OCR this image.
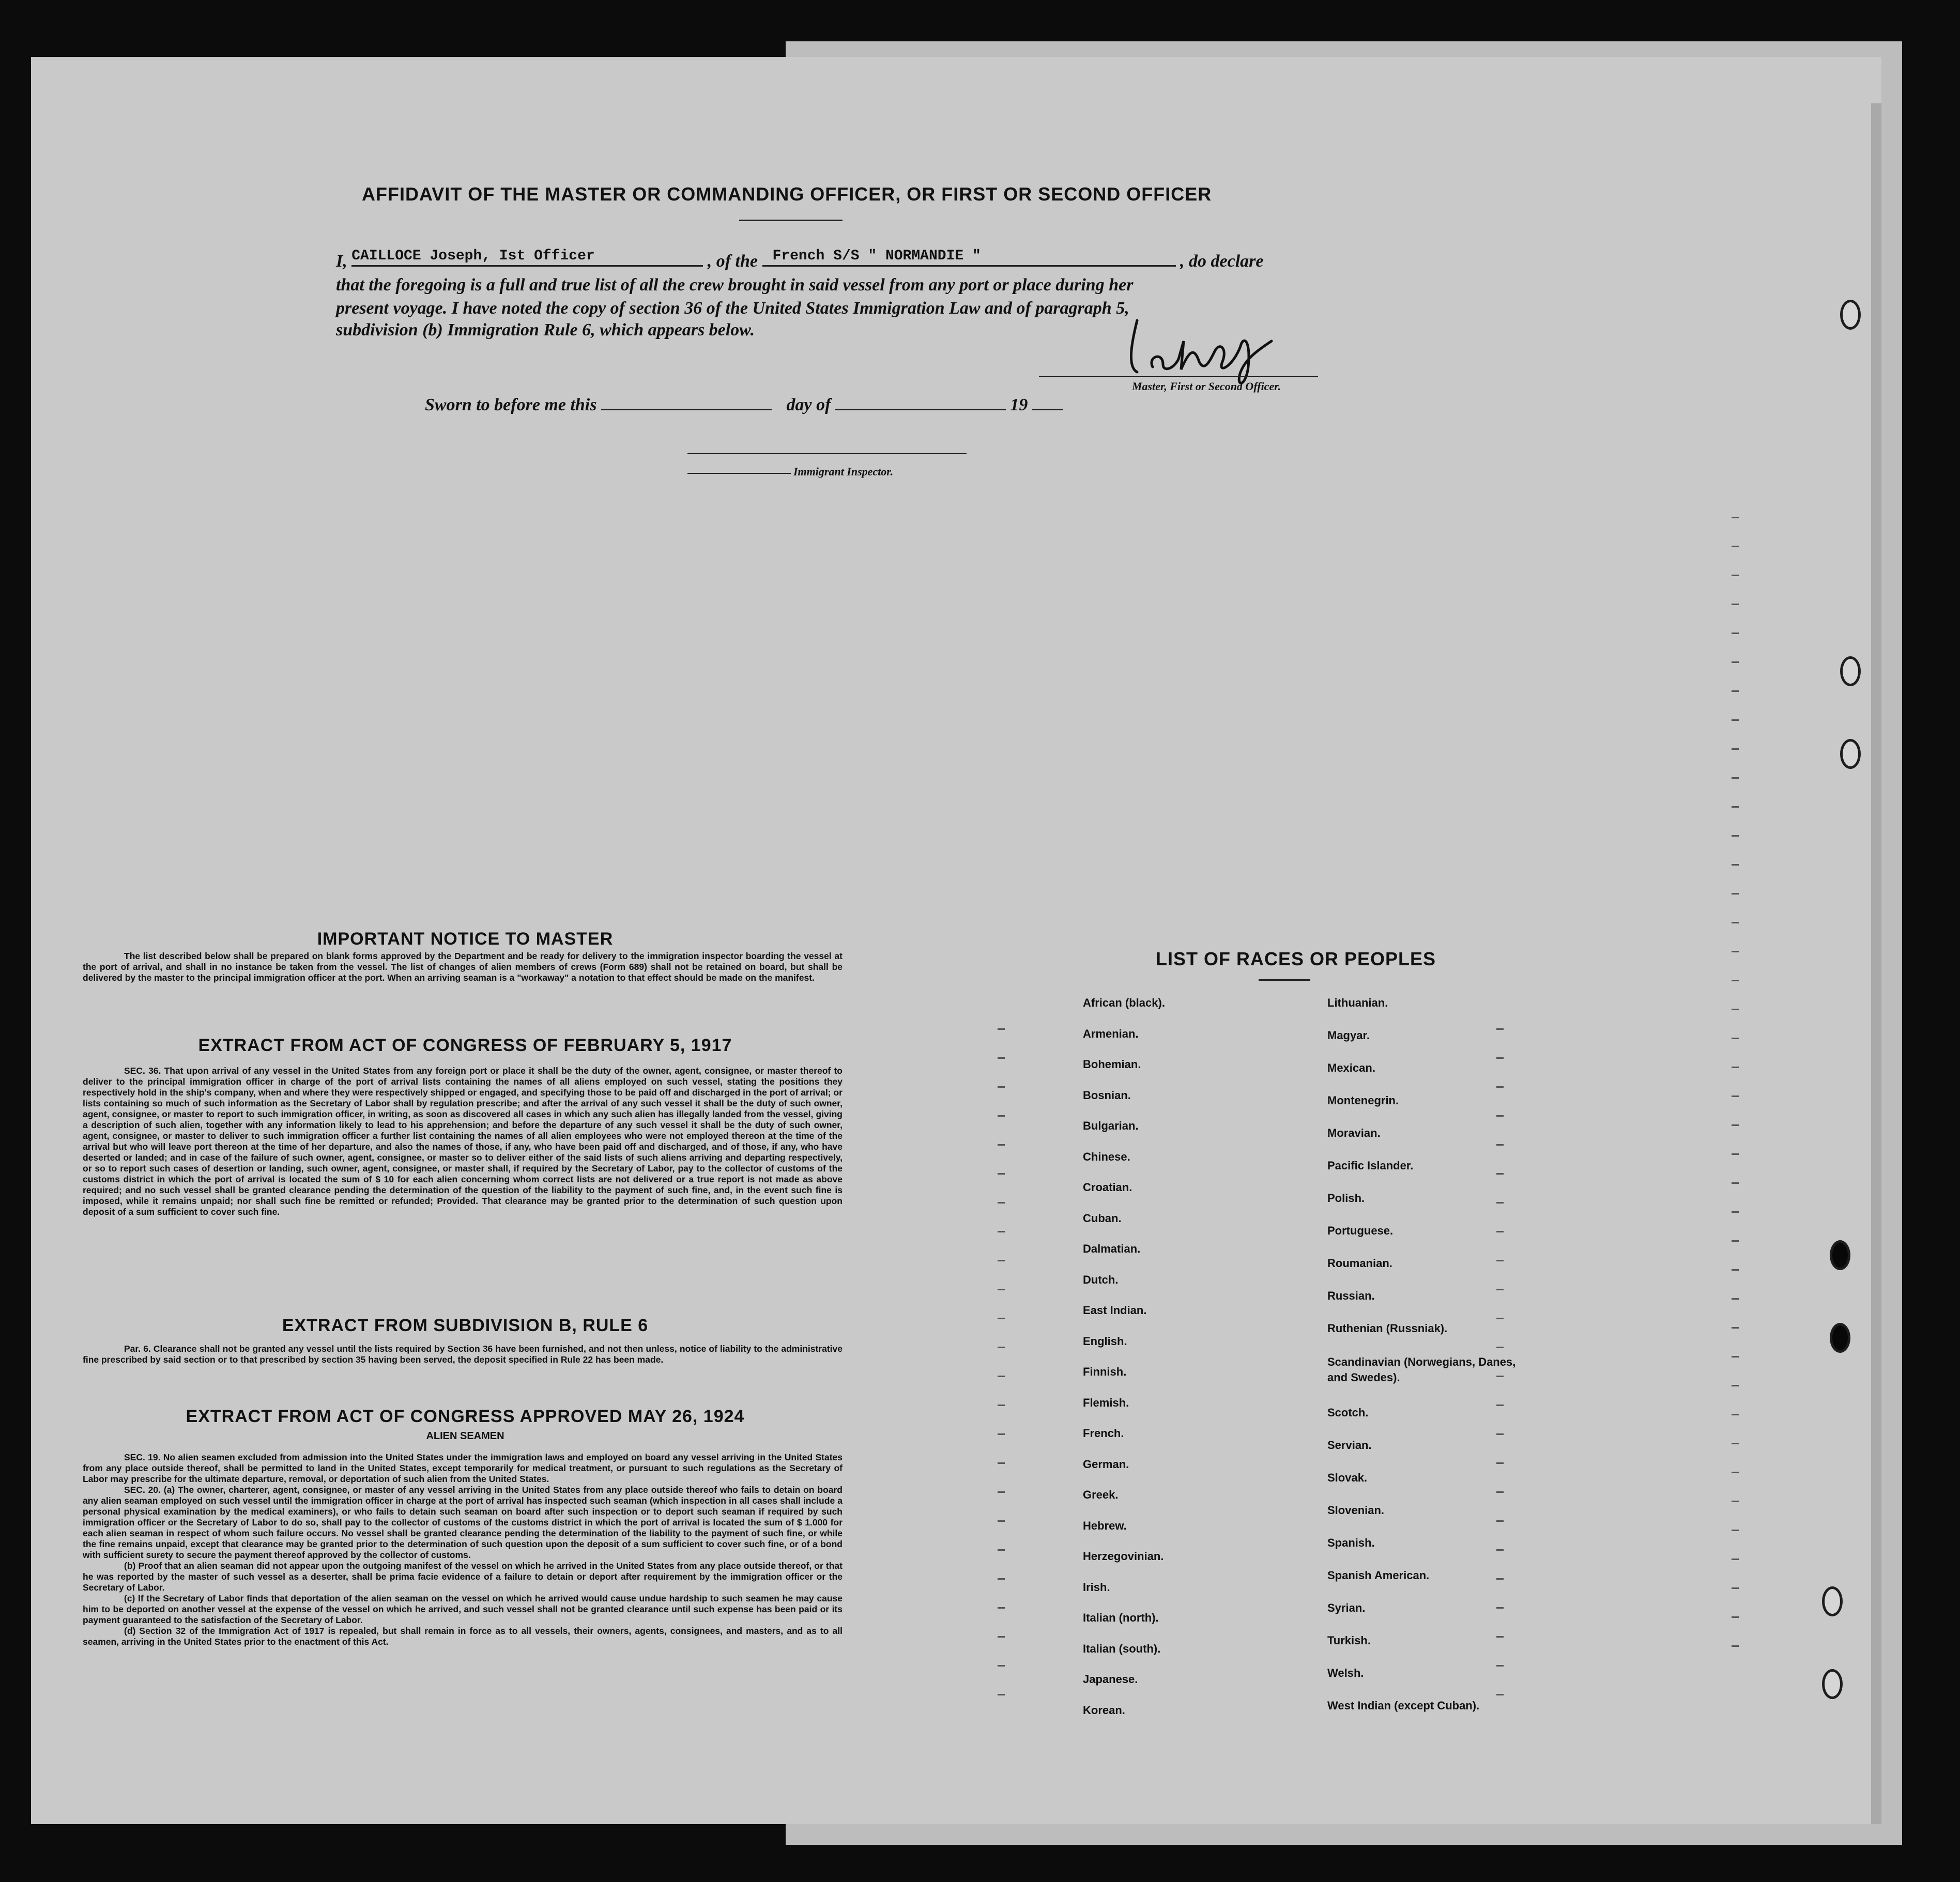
AFFIDAVIT OF THE MASTER OR COMMANDING OFFICER, OR FIRST OR SECOND OFFICER
I, CAILLOCE Joseph, Ist Officer	, of the French S/S " NORMANDIE "	, do declare
that the foregoing is a full and true list of all the crew brought in said vessel from any port or place during her
present voyage. I have noted the copy of section 36 of the United States Immigration Law and of paragraph 5,
subdivision (b) Immigration Rule 6, which appears below.
Master, First or Second Officer.
Sworn to before me this	day of	19
Immigrant Inspector.
IMPORTANT NOTICE TO MASTER

The list described below shall be prepared on blank forms approved by the Department and be ready for delivery to the immigration inspector boarding the vessel at the port of arrival, and shall in no instance be taken from the vessel. The list of changes of alien members of crews (Form 689) shall not be retained on board, but shall be delivered by the master to the principal immigration officer at the port. When an arriving seaman is a "workaway" a notation to that effect should be made on the manifest.

EXTRACT FROM ACT OF CONGRESS OF FEBRUARY 5, 1917

SEC. 36. That upon arrival of any vessel in the United States from any foreign port or place it shall be the duty of the owner, agent, consignee, or master thereof to deliver to the principal immigration officer in charge of the port of arrival lists containing the names of all aliens employed on such vessel, stating the positions they respectively hold in the ship's company, when and where they were respectively shipped or engaged, and specifying those to be paid off and discharged in the port of arrival; or lists containing so much of such information as the Secretary of Labor shall by regulation prescribe; and after the arrival of any such vessel it shall be the duty of such owner, agent, consignee, or master to report to such immigration officer, in writing, as soon as discovered all cases in which any such alien has illegally landed from the vessel, giving a description of such alien, together with any information likely to lead to his apprehension; and before the departure of any such vessel it shall be the duty of such owner, agent, consignee, or master to deliver to such immigration officer a further list containing the names of all alien employees who were not employed thereon at the time of the arrival but who will leave port thereon at the time of her departure, and also the names of those, if any, who have been paid off and discharged, and of those, if any, who have deserted or landed; and in case of the failure of such owner, agent, consignee, or master so to deliver either of the said lists of such aliens arriving and departing respectively, or so to report such cases of desertion or landing, such owner, agent, consignee, or master shall, if required by the Secretary of Labor, pay to the collector of customs of the customs district in which the port of arrival is located the sum of $ 10 for each alien concerning whom correct lists are not delivered or a true report is not made as above required; and no such vessel shall be granted clearance pending the determination of the question of the liability to the payment of such fine, and, in the event such fine is imposed, while it remains unpaid; nor shall such fine be remitted or refunded; Provided. That clearance may be granted prior to the determination of such question upon deposit of a sum sufficient to cover such fine.

EXTRACT FROM SUBDIVISION B, RULE 6

Par. 6. Clearance shall not be granted any vessel until the lists required by Section 36 have been furnished, and not then unless, notice of liability to the administrative fine prescribed by said section or to that prescribed by section 35 having been served, the deposit specified in Rule 22 has been made.

EXTRACT FROM ACT OF CONGRESS APPROVED MAY 26, 1924
ALIEN SEAMEN

SEC. 19. No alien seamen excluded from admission into the United States under the immigration laws and employed on board any vessel arriving in the United States from any place outside thereof, shall be permitted to land in the United States, except temporarily for medical treatment, or pursuant to such regulations as the Secretary of Labor may prescribe for the ultimate departure, removal, or deportation of such alien from the United States.

SEC. 20. (a) The owner, charterer, agent, consignee, or master of any vessel arriving in the United States from any place outside thereof who fails to detain on board any alien seaman employed on such vessel until the immigration officer in charge at the port of arrival has inspected such seaman (which inspection in all cases shall include a personal physical examination by the medical examiners), or who fails to detain such seaman on board after such inspection or to deport such seaman if required by such immigration officer or the Secretary of Labor to do so, shall pay to the collector of customs of the customs district in which the port of arrival is located the sum of $ 1.000 for each alien seaman in respect of whom such failure occurs. No vessel shall be granted clearance pending the determination of the liability to the payment of such fine, or while the fine remains unpaid, except that clearance may be granted prior to the determination of such question upon the deposit of a sum sufficient to cover such fine, or of a bond with sufficient surety to secure the payment thereof approved by the collector of customs.

(b) Proof that an alien seaman did not appear upon the outgoing manifest of the vessel on which he arrived in the United States from any place outside thereof, or that he was reported by the master of such vessel as a deserter, shall be prima facie evidence of a failure to detain or deport after requirement by the immigration officer or the Secretary of Labor.

(c) If the Secretary of Labor finds that deportation of the alien seaman on the vessel on which he arrived would cause undue hardship to such seamen he may cause him to be deported on another vessel at the expense of the vessel on which he arrived, and such vessel shall not be granted clearance until such expense has been paid or its payment guaranteed to the satisfaction of the Secretary of Labor.

(d) Section 32 of the Immigration Act of 1917 is repealed, but shall remain in force as to all vessels, their owners, agents, consignees, and masters, and as to all seamen, arriving in the United States prior to the enactment of this Act.

LIST OF RACES OR PEOPLES
African (black).
Armenian.
Bohemian.
Bosnian.
Bulgarian.
Chinese.
Croatian.
Cuban.
Dalmatian.
Dutch.
East Indian.
English.
Finnish.
Flemish.
French.
German.
Greek.
Hebrew.
Herzegovinian.
Irish.
Italian (north).
Italian (south).
Japanese.
Korean.
Lithuanian.
Magyar.
Mexican.
Montenegrin.
Moravian.
Pacific Islander.
Polish.
Portuguese.
Roumanian.
Russian.
Ruthenian (Russniak).
Scandinavian (Norwegians, Danes, and Swedes).
Scotch.
Servian.
Slovak.
Slovenian.
Spanish.
Spanish American.
Syrian.
Turkish.
Welsh.
West Indian (except Cuban).
